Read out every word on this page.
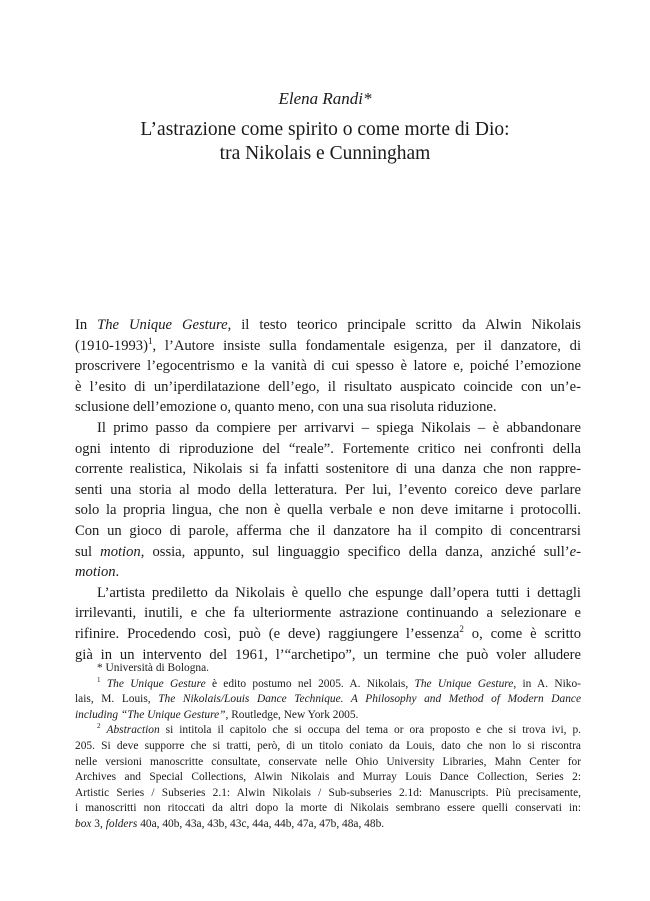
Elena Randi*
L’astrazione come spirito o come morte di Dio:
tra Nikolais e Cunningham
In The Unique Gesture, il testo teorico principale scritto da Alwin Nikolais
(1910-1993)$^1$, l’Autore insiste sulla fondamentale esigenza, per il danzatore, di
proscrivere l’egocentrismo e la vanità di cui spesso è latore e, poiché l’emozione
è l’esito di un’iperdilatazione dell’ego, il risultato auspicato coincide con un’e-
sclusione dell’emozione o, quanto meno, con una sua risoluta riduzione.
Il primo passo da compiere per arrivarvi – spiega Nikolais – è abbandonare
ogni intento di riproduzione del “reale”. Fortemente critico nei confronti della
corrente realistica, Nikolais si fa infatti sostenitore di una danza che non rappre-
senti una storia al modo della letteratura. Per lui, l’evento coreico deve parlare
solo la propria lingua, che non è quella verbale e non deve imitarne i protocolli.
Con un gioco di parole, afferma che il danzatore ha il compito di concentrarsi
sul motion, ossia, appunto, sul linguaggio specifico della danza, anziché sull’e-
motion.
L’artista prediletto da Nikolais è quello che espunge dall’opera tutti i dettagli
irrilevanti, inutili, e che fa ulteriormente astrazione continuando a selezionare e
rifinire. Procedendo così, può (e deve) raggiungere l’essenza$^2$ o, come è scritto
già in un intervento del 1961, l’“archetipo”, un termine che può voler alludere
* Università di Bologna.
$^1$ The Unique Gesture è edito postumo nel 2005. A. Nikolais, The Unique Gesture, in A. Niko-
lais, M. Louis, The Nikolais/Louis Dance Technique. A Philosophy and Method of Modern Dance
including “The Unique Gesture”, Routledge, New York 2005.
$^2$ Abstraction si intitola il capitolo che si occupa del tema or ora proposto e che si trova ivi, p.
205. Si deve supporre che si tratti, però, di un titolo coniato da Louis, dato che non lo si riscontra
nelle versioni manoscritte consultate, conservate nelle Ohio University Libraries, Mahn Center for
Archives and Special Collections, Alwin Nikolais and Murray Louis Dance Collection, Series 2:
Artistic Series / Subseries 2.1: Alwin Nikolais / Sub-subseries 2.1d: Manuscripts. Più precisamente,
i manoscritti non ritoccati da altri dopo la morte di Nikolais sembrano essere quelli conservati in:
box 3, folders 40a, 40b, 43a, 43b, 43c, 44a, 44b, 47a, 47b, 48a, 48b.
